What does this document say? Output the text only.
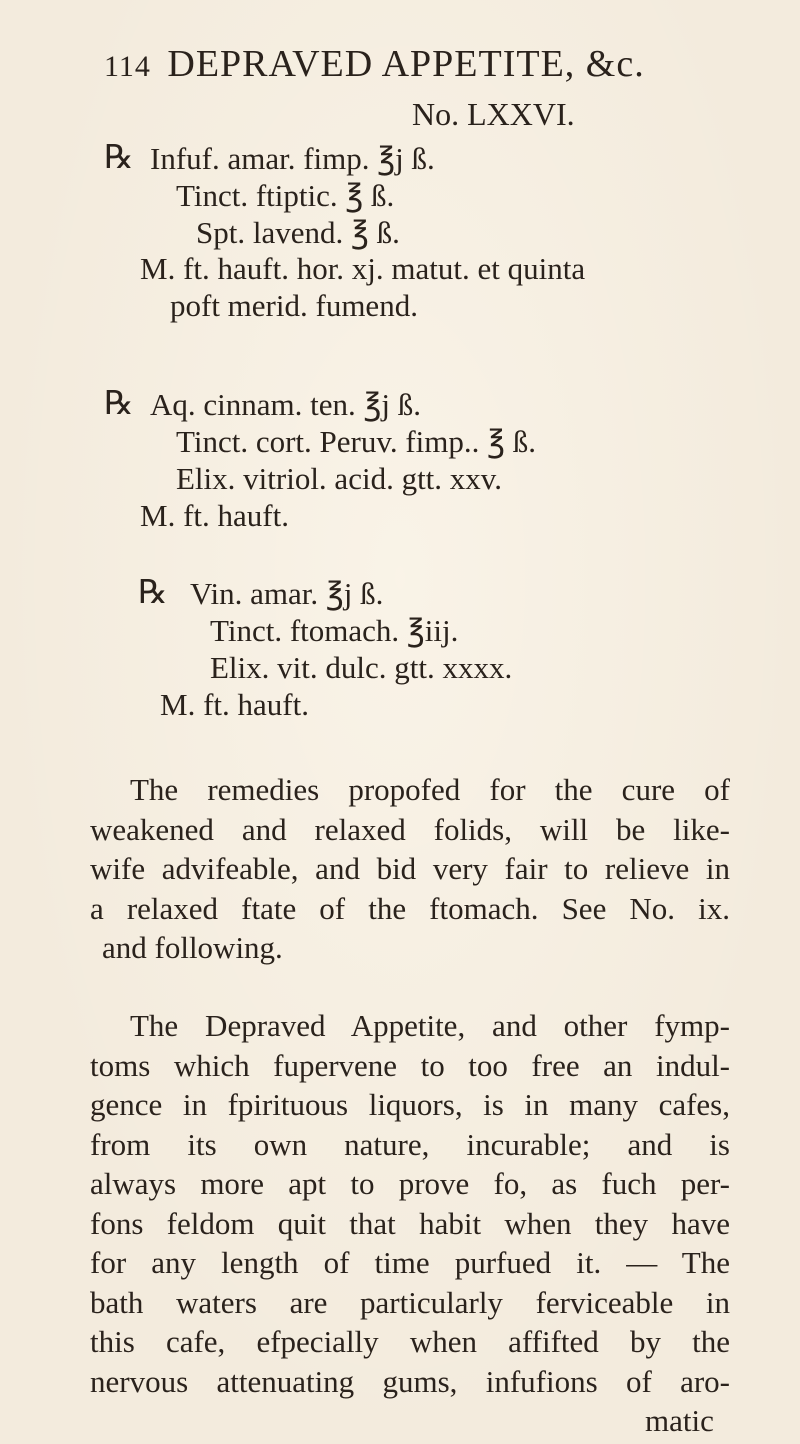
114 DEPRAVED APPETITE, &c.
No. LXXVI.
℞ Infuf. amar. fimp. ℥j ß.
Tinct. ftiptic. ℥ ß.
Spt. lavend. ℥ ß.
M. ft. hauft. hor. xj. matut. et quinta
poft merid. fumend.
℞ Aq. cinnam. ten. ℥j ß.
Tinct. cort. Peruv. fimp.. ℥ ß.
Elix. vitriol. acid. gtt. xxv.
M. ft. hauft.
℞ Vin. amar. ℥j ß.
Tinct. ftomach. ℥iij.
Elix. vit. dulc. gtt. xxxx.
M. ft. hauft.
The remedies propofed for the cure of
weakened and relaxed folids, will be like-
wife advifeable, and bid very fair to relieve in
a relaxed ftate of the ftomach. See No. ix.
and following.
The Depraved Appetite, and other fymp-
toms which fupervene to too free an indul-
gence in fpirituous liquors, is in many cafes,
from its own nature, incurable; and is
always more apt to prove fo, as fuch per-
fons feldom quit that habit when they have
for any length of time purfued it. — The
bath waters are particularly ferviceable in
this cafe, efpecially when affifted by the
nervous attenuating gums, infufions of aro-
matic
